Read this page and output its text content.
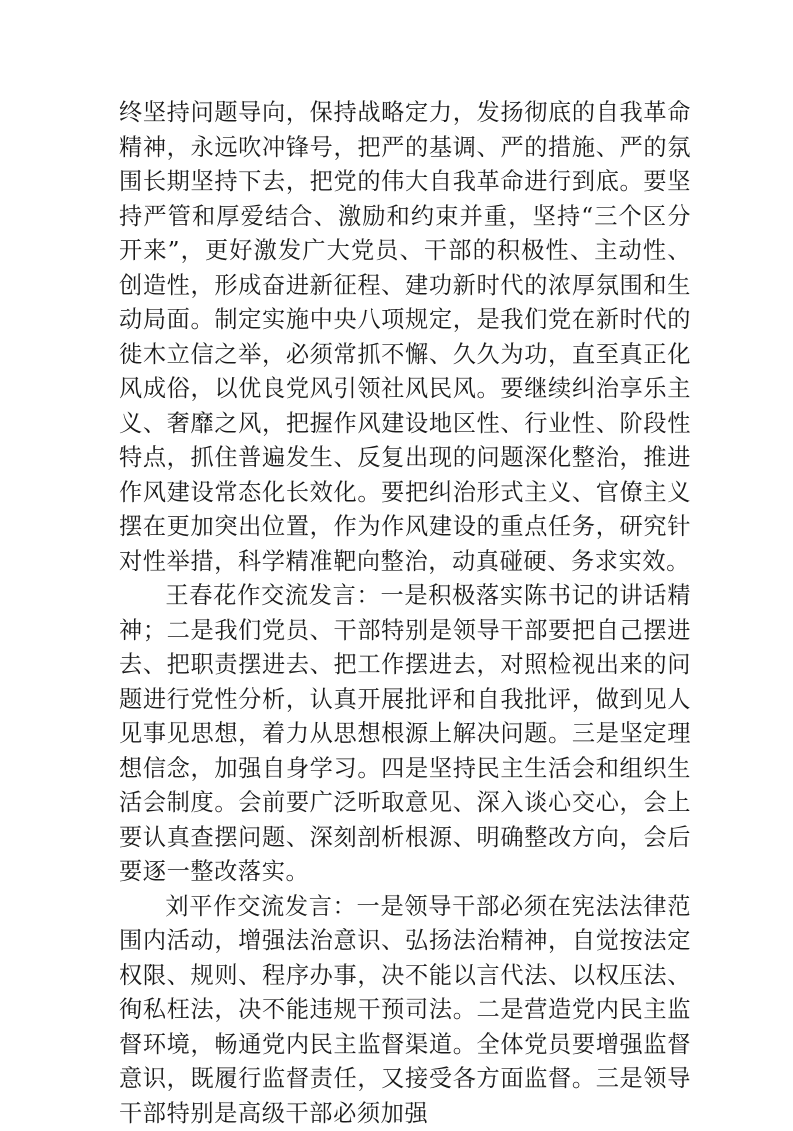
终坚持问题导向，保持战略定力，发扬彻底的自我革命精神，永远吹冲锋号，把严的基调、严的措施、严的氛围长期坚持下去，把党的伟大自我革命进行到底。要坚持严管和厚爱结合、激励和约束并重，坚持“三个区分开来”，更好激发广大党员、干部的积极性、主动性、创造性，形成奋进新征程、建功新时代的浓厚氛围和生动局面。制定实施中央八项规定，是我们党在新时代的徙木立信之举，必须常抓不懈、久久为功，直至真正化风成俗，以优良党风引领社风民风。要继续纠治享乐主义、奢靡之风，把握作风建设地区性、行业性、阶段性特点，抓住普遍发生、反复出现的问题深化整治，推进作风建设常态化长效化。要把纠治形式主义、官僚主义摆在更加突出位置，作为作风建设的重点任务，研究针对性举措，科学精准靶向整治，动真碰硬、务求实效。

王春花作交流发言：一是积极落实陈书记的讲话精神；二是我们党员、干部特别是领导干部要把自己摆进去、把职责摆进去、把工作摆进去，对照检视出来的问题进行党性分析，认真开展批评和自我批评，做到见人见事见思想，着力从思想根源上解决问题。三是坚定理想信念，加强自身学习。四是坚持民主生活会和组织生活会制度。会前要广泛听取意见、深入谈心交心，会上要认真查摆问题、深刻剖析根源、明确整改方向，会后要逐一整改落实。

刘平作交流发言：一是领导干部必须在宪法法律范围内活动，增强法治意识、弘扬法治精神，自觉按法定权限、规则、程序办事，决不能以言代法、以权压法、徇私枉法，决不能违规干预司法。二是营造党内民主监督环境，畅通党内民主监督渠道。全体党员要增强监督意识，既履行监督责任，又接受各方面监督。三是领导干部特别是高级干部必须加强
